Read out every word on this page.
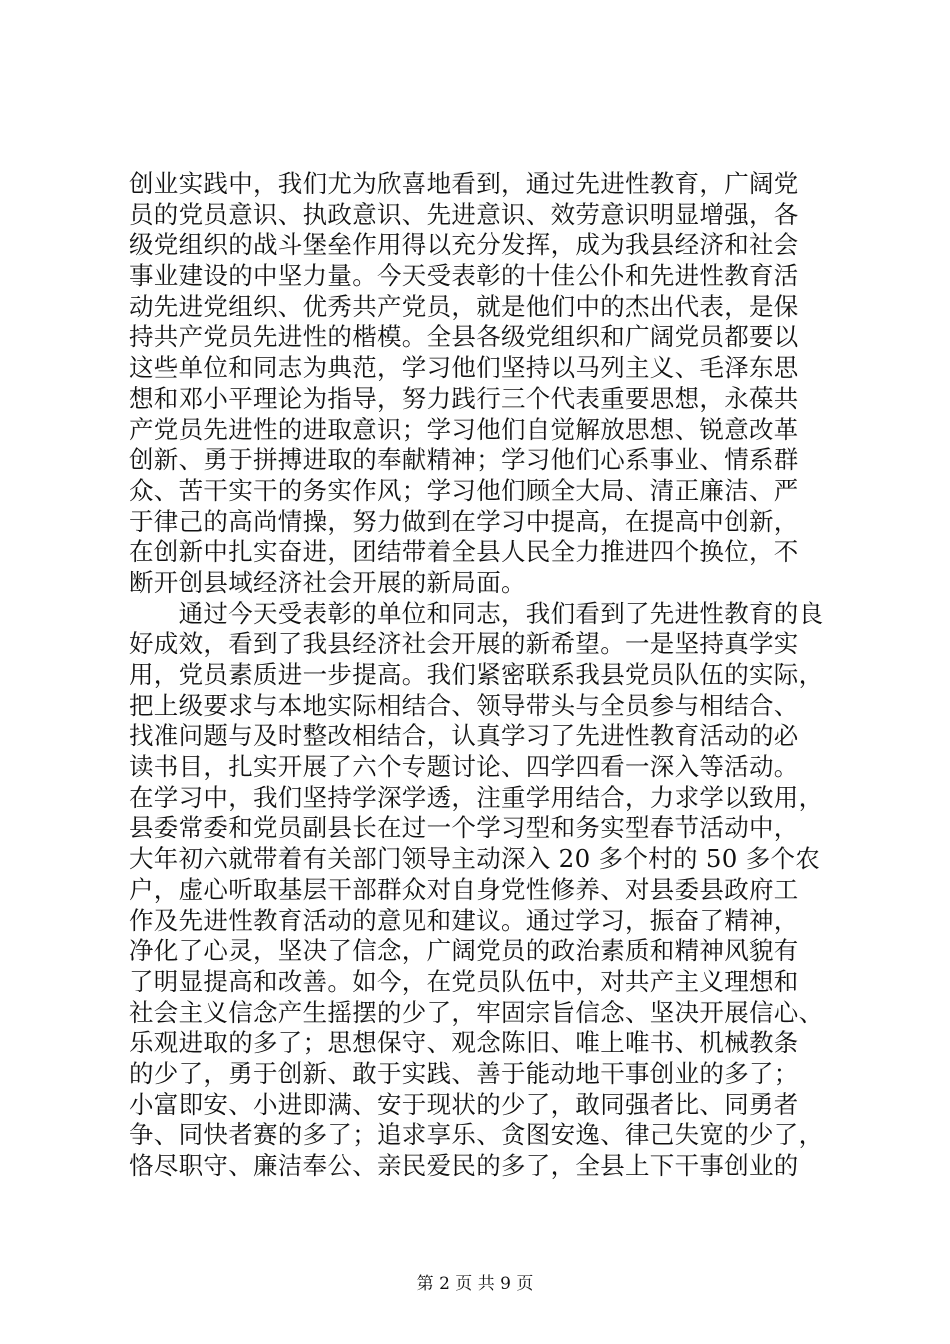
创业实践中，我们尤为欣喜地看到，通过先进性教育，广阔党
员的党员意识、执政意识、先进意识、效劳意识明显增强，各
级党组织的战斗堡垒作用得以充分发挥，成为我县经济和社会
事业建设的中坚力量。今天受表彰的十佳公仆和先进性教育活
动先进党组织、优秀共产党员，就是他们中的杰出代表，是保
持共产党员先进性的楷模。全县各级党组织和广阔党员都要以
这些单位和同志为典范，学习他们坚持以马列主义、毛泽东思
想和邓小平理论为指导，努力践行三个代表重要思想，永葆共
产党员先进性的进取意识；学习他们自觉解放思想、锐意改革
创新、勇于拼搏进取的奉献精神；学习他们心系事业、情系群
众、苦干实干的务实作风；学习他们顾全大局、清正廉洁、严
于律己的高尚情操，努力做到在学习中提高，在提高中创新，
在创新中扎实奋进，团结带着全县人民全力推进四个换位，不
断开创县域经济社会开展的新局面。
　　通过今天受表彰的单位和同志，我们看到了先进性教育的良
好成效，看到了我县经济社会开展的新希望。一是坚持真学实
用，党员素质进一步提高。我们紧密联系我县党员队伍的实际，
把上级要求与本地实际相结合、领导带头与全员参与相结合、
找准问题与及时整改相结合，认真学习了先进性教育活动的必
读书目，扎实开展了六个专题讨论、四学四看一深入等活动。
在学习中，我们坚持学深学透，注重学用结合，力求学以致用，
县委常委和党员副县长在过一个学习型和务实型春节活动中，
大年初六就带着有关部门领导主动深入 20 多个村的 50 多个农
户，虚心听取基层干部群众对自身党性修养、对县委县政府工
作及先进性教育活动的意见和建议。通过学习，振奋了精神，
净化了心灵，坚决了信念，广阔党员的政治素质和精神风貌有
了明显提高和改善。如今，在党员队伍中，对共产主义理想和
社会主义信念产生摇摆的少了，牢固宗旨信念、坚决开展信心、
乐观进取的多了；思想保守、观念陈旧、唯上唯书、机械教条
的少了，勇于创新、敢于实践、善于能动地干事创业的多了；
小富即安、小进即满、安于现状的少了，敢同强者比、同勇者
争、同快者赛的多了；追求享乐、贪图安逸、律己失宽的少了，
恪尽职守、廉洁奉公、亲民爱民的多了，全县上下干事创业的
第 2 页 共 9 页
